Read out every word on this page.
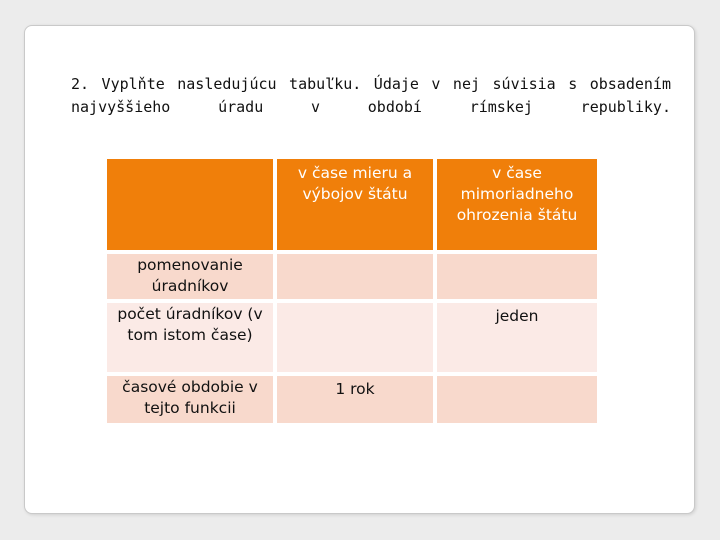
2. Vyplňte nasledujúcu tabuľku. Údaje v nej súvisia s obsadením najvyššieho úradu v období rímskej republiky.

	v čase mieru a výbojov štátu	v čase mimoriadneho ohrozenia štátu
pomenovanie úradníkov		
počet úradníkov (v tom istom čase)		jeden
časové obdobie v tejto funkcii	1 rok	
